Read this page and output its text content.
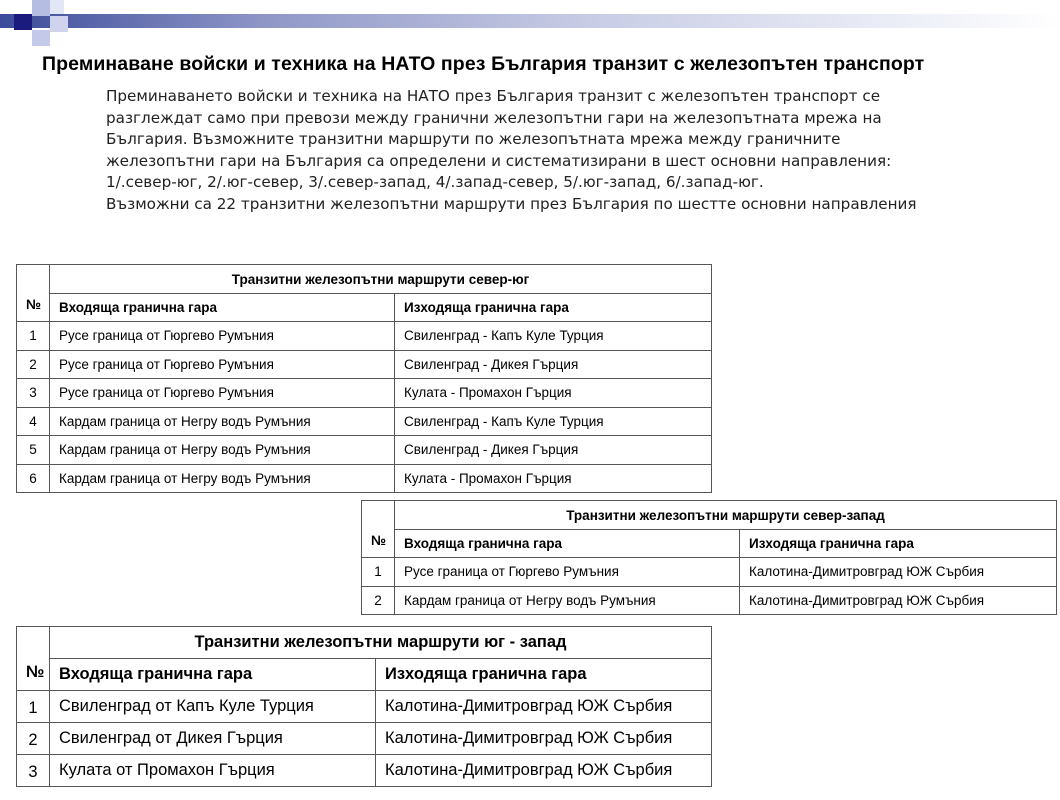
Преминаване войски и техника на НАТО през България транзит с железопътен транспорт

Преминаването войски и техника на НАТО през България транзит с железопътен транспорт се разглеждат само при превози между гранични железопътни гари на железопътната мрежа на България. Възможните транзитни маршрути по железопътната мрежа между граничните железопътни гари на България са определени и систематизирани в шест основни направления: 1/.север-юг, 2/.юг-север, 3/.север-запад, 4/.запад-север, 5/.юг-запад, 6/.запад-юг.

Възможни са 22 транзитни железопътни маршрути през България по шестте основни направления

№	Транзитни железопътни маршрути север-юг	
	Входяща гранична гара	Изходяща гранична гара
1	Русе граница от Гюргево Румъния	Свиленград - Капъ Куле Турция
2	Русе граница от Гюргево Румъния	Свиленград - Дикея Гърция
3	Русе граница от Гюргево Румъния	Кулата - Промахон Гърция
4	Кардам граница от Негру водъ Румъния	Свиленград - Капъ Куле Турция
5	Кардам граница от Негру водъ Румъния	Свиленград - Дикея Гърция
6	Кардам граница от Негру водъ Румъния	Кулата - Промахон Гърция
№	Транзитни железопътни маршрути север-запад	
	Входяща гранична гара	Изходяща гранична гара
1	Русе граница от Гюргево Румъния	Калотина-Димитровград ЮЖ Сърбия
2	Кардам граница от Негру водъ Румъния	Калотина-Димитровград ЮЖ Сърбия
№	Транзитни железопътни маршрути юг - запад	
	Входяща гранична гара	Изходяща гранична гара
1	Свиленград от Капъ Куле Турция	Калотина-Димитровград ЮЖ Сърбия
2	Свиленград от Дикея Гърция	Калотина-Димитровград ЮЖ Сърбия
3	Кулата от Промахон Гърция	Калотина-Димитровград ЮЖ Сърбия
